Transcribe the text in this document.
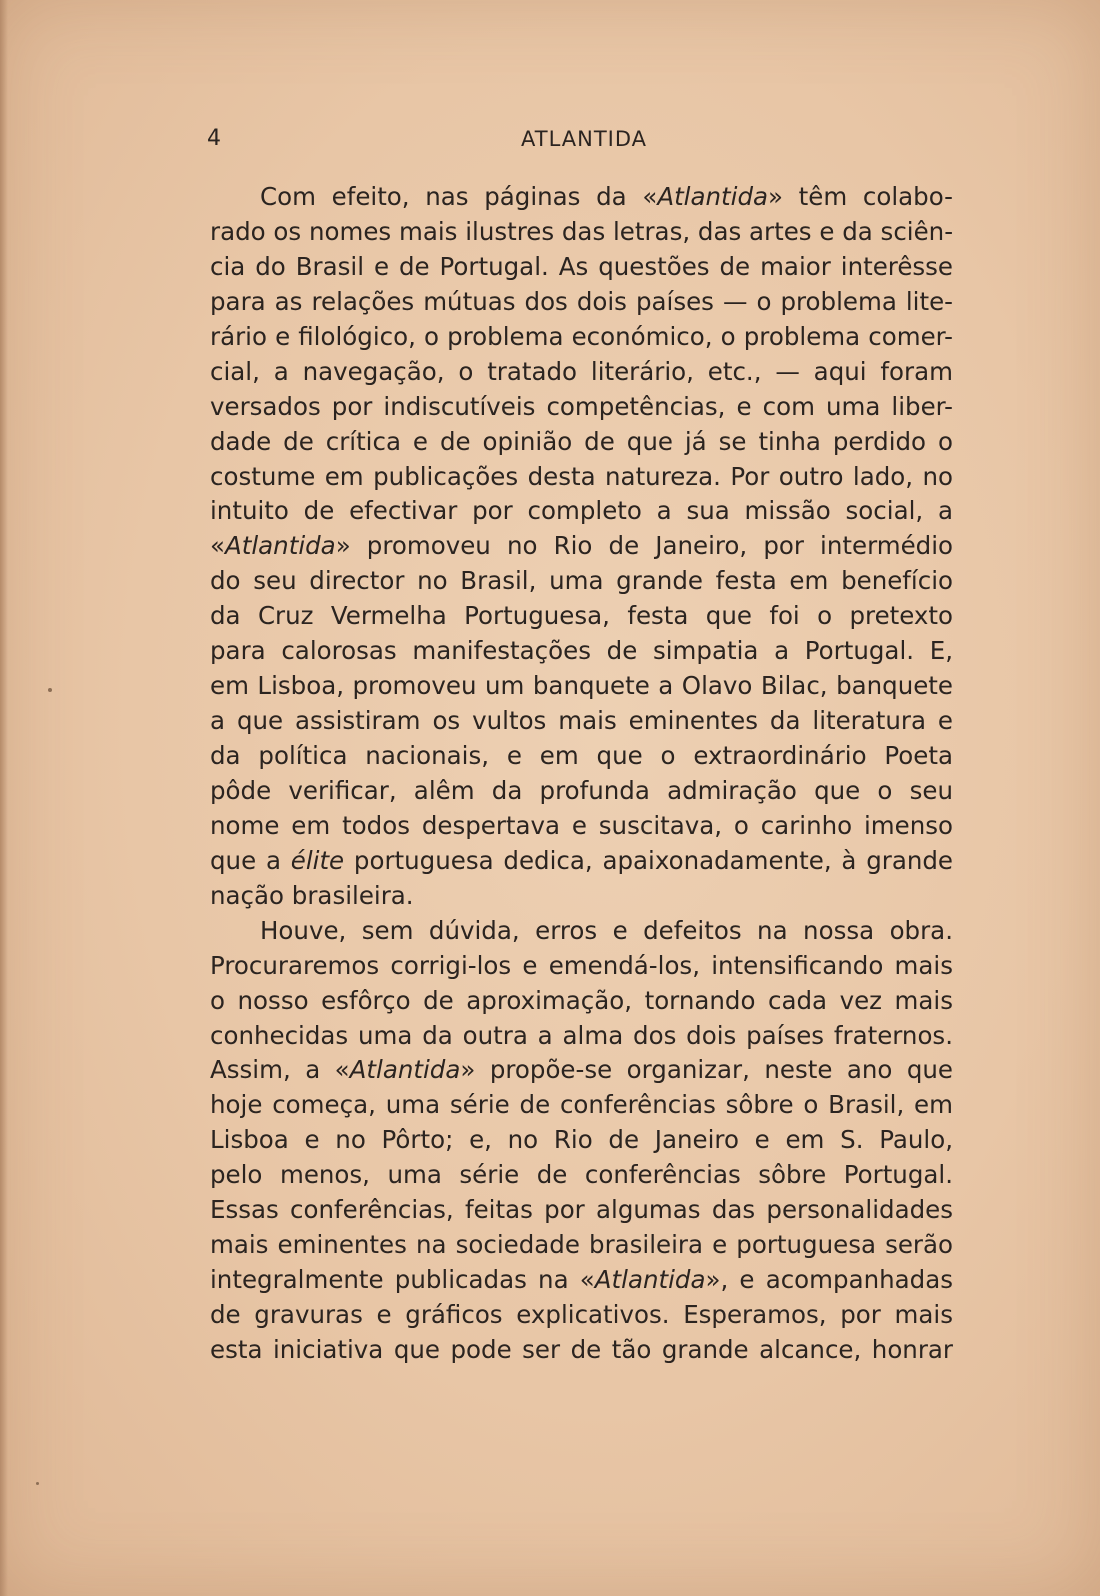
4	ATLANTIDA
Com efeito, nas páginas da «Atlantida» têm colabo-
rado os nomes mais ilustres das letras, das artes e da sciên-
cia do Brasil e de Portugal. As questões de maior interêsse
para as relações mútuas dos dois países — o problema lite-
rário e filológico, o problema económico, o problema comer-
cial, a navegação, o tratado literário, etc., — aqui foram
versados por indiscutíveis competências, e com uma liber-
dade de crítica e de opinião de que já se tinha perdido o
costume em publicações desta natureza. Por outro lado, no
intuito de efectivar por completo a sua missão social, a
«Atlantida» promoveu no Rio de Janeiro, por intermédio
do seu director no Brasil, uma grande festa em benefício
da Cruz Vermelha Portuguesa, festa que foi o pretexto
para calorosas manifestações de simpatia a Portugal. E,
em Lisboa, promoveu um banquete a Olavo Bilac, banquete
a que assistiram os vultos mais eminentes da literatura e
da política nacionais, e em que o extraordinário Poeta
pôde verificar, alêm da profunda admiração que o seu
nome em todos despertava e suscitava, o carinho imenso
que a élite portuguesa dedica, apaixonadamente, à grande
nação brasileira.
Houve, sem dúvida, erros e defeitos na nossa obra.
Procuraremos corrigi-los e emendá-los, intensificando mais
o nosso esfôrço de aproximação, tornando cada vez mais
conhecidas uma da outra a alma dos dois países fraternos.
Assim, a «Atlantida» propõe-se organizar, neste ano que
hoje começa, uma série de conferências sôbre o Brasil, em
Lisboa e no Pôrto; e, no Rio de Janeiro e em S. Paulo,
pelo menos, uma série de conferências sôbre Portugal.
Essas conferências, feitas por algumas das personalidades
mais eminentes na sociedade brasileira e portuguesa serão
integralmente publicadas na «Atlantida», e acompanhadas
de gravuras e gráficos explicativos. Esperamos, por mais
esta iniciativa que pode ser de tão grande alcance, honrar
